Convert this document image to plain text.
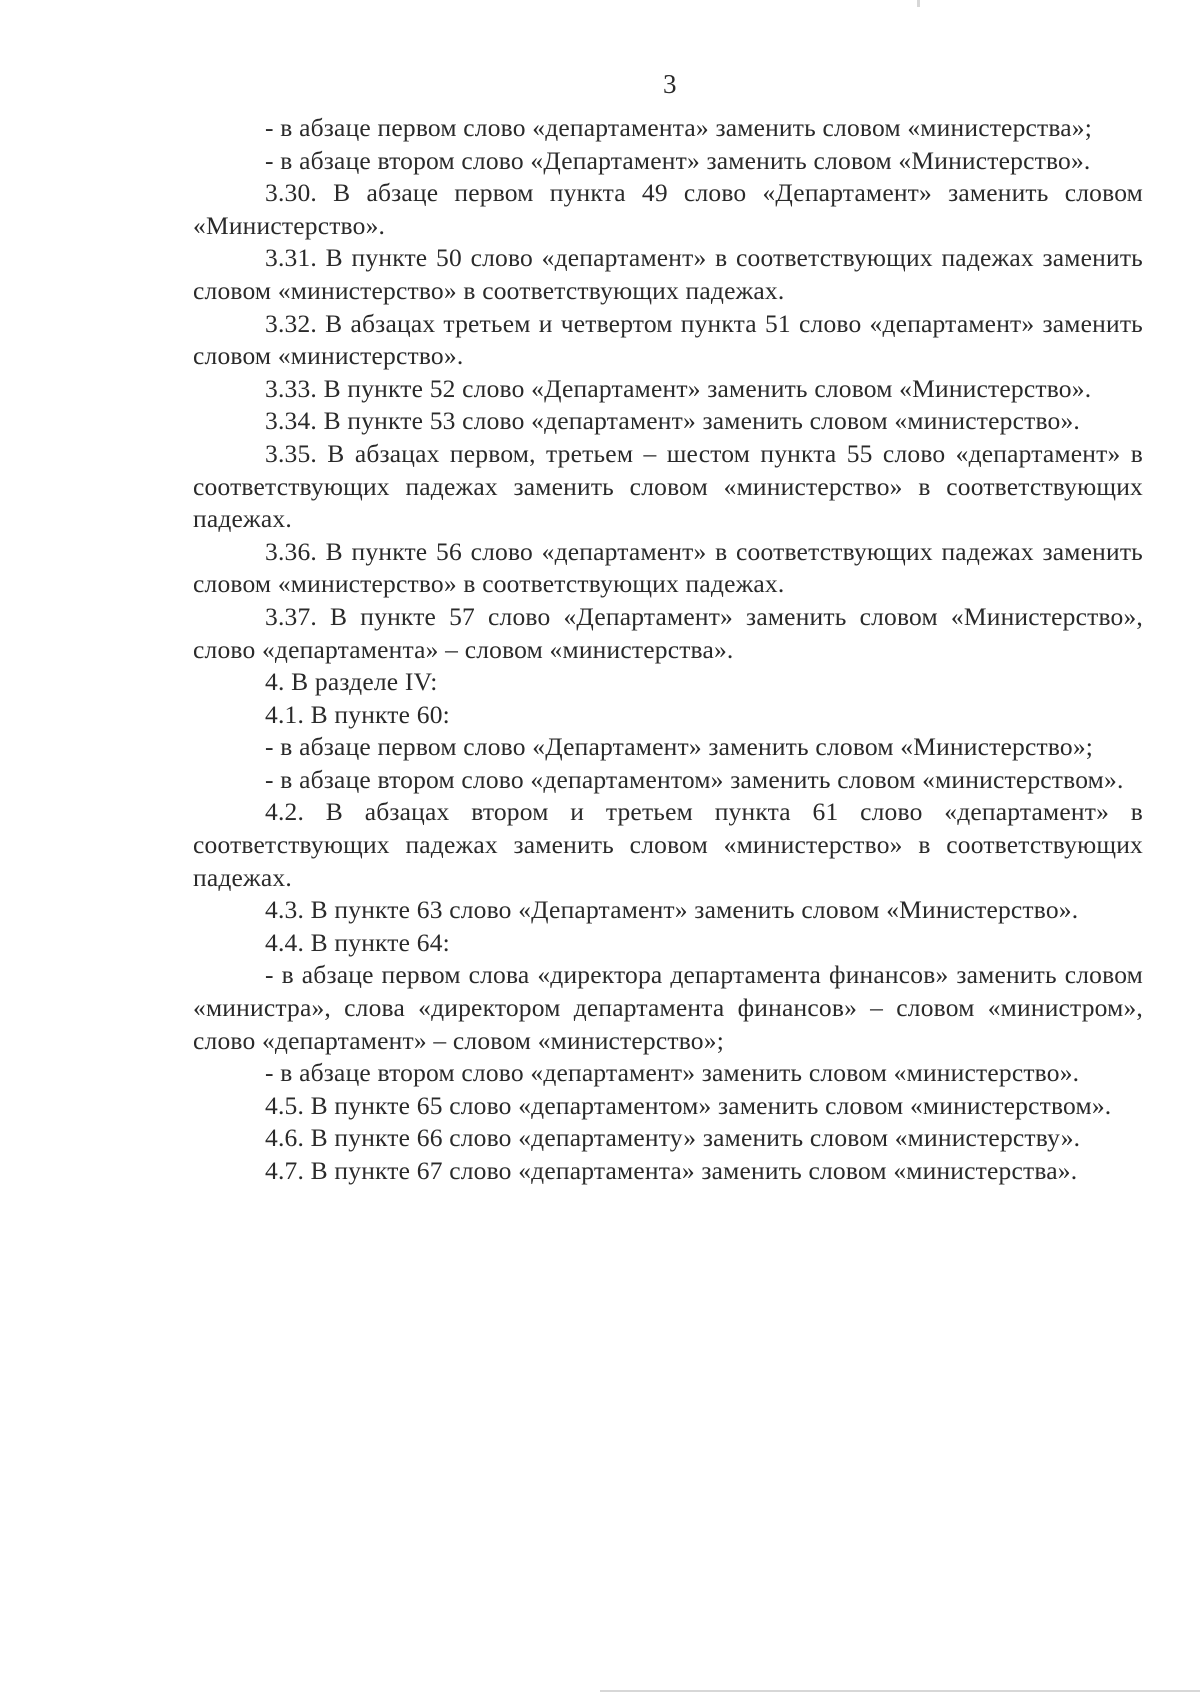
3

- в абзаце первом слово «департамента» заменить словом «министерства»;

- в абзаце втором слово «Департамент» заменить словом «Министерство».

3.30. В абзаце первом пункта 49 слово «Департамент» заменить словом «Министерство».

3.31. В пункте 50 слово «департамент» в соответствующих падежах заменить словом «министерство» в соответствующих падежах.

3.32. В абзацах третьем и четвертом пункта 51 слово «департамент» заменить словом «министерство».

3.33. В пункте 52 слово «Департамент» заменить словом «Министерство».

3.34. В пункте 53 слово «департамент» заменить словом «министерство».

3.35. В абзацах первом, третьем – шестом пункта 55 слово «департамент» в соответствующих падежах заменить словом «министерство» в соответствующих падежах.

3.36. В пункте 56 слово «департамент» в соответствующих падежах заменить словом «министерство» в соответствующих падежах.

3.37. В пункте 57 слово «Департамент» заменить словом «Министерство», слово «департамента» – словом «министерства».

4. В разделе IV:

4.1. В пункте 60:

- в абзаце первом слово «Департамент» заменить словом «Министерство»;

- в абзаце втором слово «департаментом» заменить словом «министерством».

4.2. В абзацах втором и третьем пункта 61 слово «департамент» в соответствующих падежах заменить словом «министерство» в соответствующих падежах.

4.3. В пункте 63 слово «Департамент» заменить словом «Министерство».

4.4. В пункте 64:

- в абзаце первом слова «директора департамента финансов» заменить словом «министра», слова «директором департамента финансов» – словом «министром», слово «департамент» – словом «министерство»;

- в абзаце втором слово «департамент» заменить словом «министерство».

4.5. В пункте 65 слово «департаментом» заменить словом «министерством».

4.6. В пункте 66 слово «департаменту» заменить словом «министерству».

4.7. В пункте 67 слово «департамента» заменить словом «министерства».
